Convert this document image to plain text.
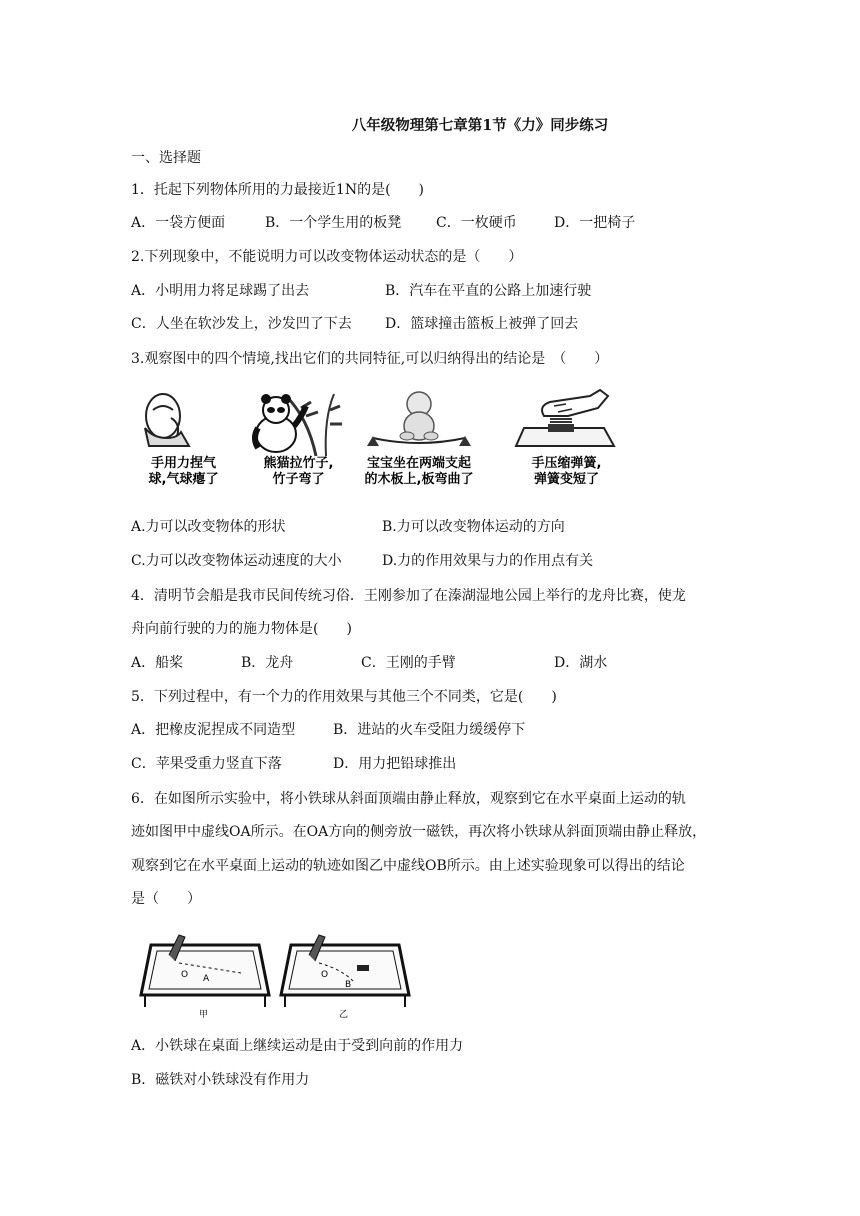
八年级物理第七章第1节《力》同步练习
一、选择题
1．托起下列物体所用的力最接近1N的是(　　)
A．一袋方便面	B．一个学生用的板凳 C．一枚硬币	D．一把椅子
2.下列现象中，不能说明力可以改变物体运动状态的是（　　）
A．小明用力将足球踢了出去	B．汽车在平直的公路上加速行驶
C．人坐在软沙发上，沙发凹了下去 D．篮球撞击篮板上被弹了回去
3.观察图中的四个情境,找出它们的共同特征,可以归纳得出的结论是　（　　）
手用力捏气
球,气球瘪了
熊猫拉竹子,
竹子弯了
宝宝坐在两端支起
的木板上,板弯曲了
手压缩弹簧,
弹簧变短了
A.力可以改变物体的形状	B.力可以改变物体运动的方向
C.力可以改变物体运动速度的大小	D.力的作用效果与力的作用点有关
4．清明节会船是我市民间传统习俗．王刚参加了在溱湖湿地公园上举行的龙舟比赛，使龙
舟向前行驶的力的施力物体是(　　)
A．船桨	B．龙舟	C．王刚的手臂	D．湖水
5．下列过程中，有一个力的作用效果与其他三个不同类，它是(　　)
A．把橡皮泥捏成不同造型	B．进站的火车受阻力缓缓停下
C．苹果受重力竖直下落	D．用力把铅球推出
6．在如图所示实验中，将小铁球从斜面顶端由静止释放，观察到它在水平桌面上运动的轨
迹如图甲中虚线OA所示。在OA方向的侧旁放一磁铁，再次将小铁球从斜面顶端由静止释放，
观察到它在水平桌面上运动的轨迹如图乙中虚线OB所示。由上述实验现象可以得出的结论
是（　　）
O A
甲
O
B
乙
A．小铁球在桌面上继续运动是由于受到向前的作用力
B．磁铁对小铁球没有作用力
